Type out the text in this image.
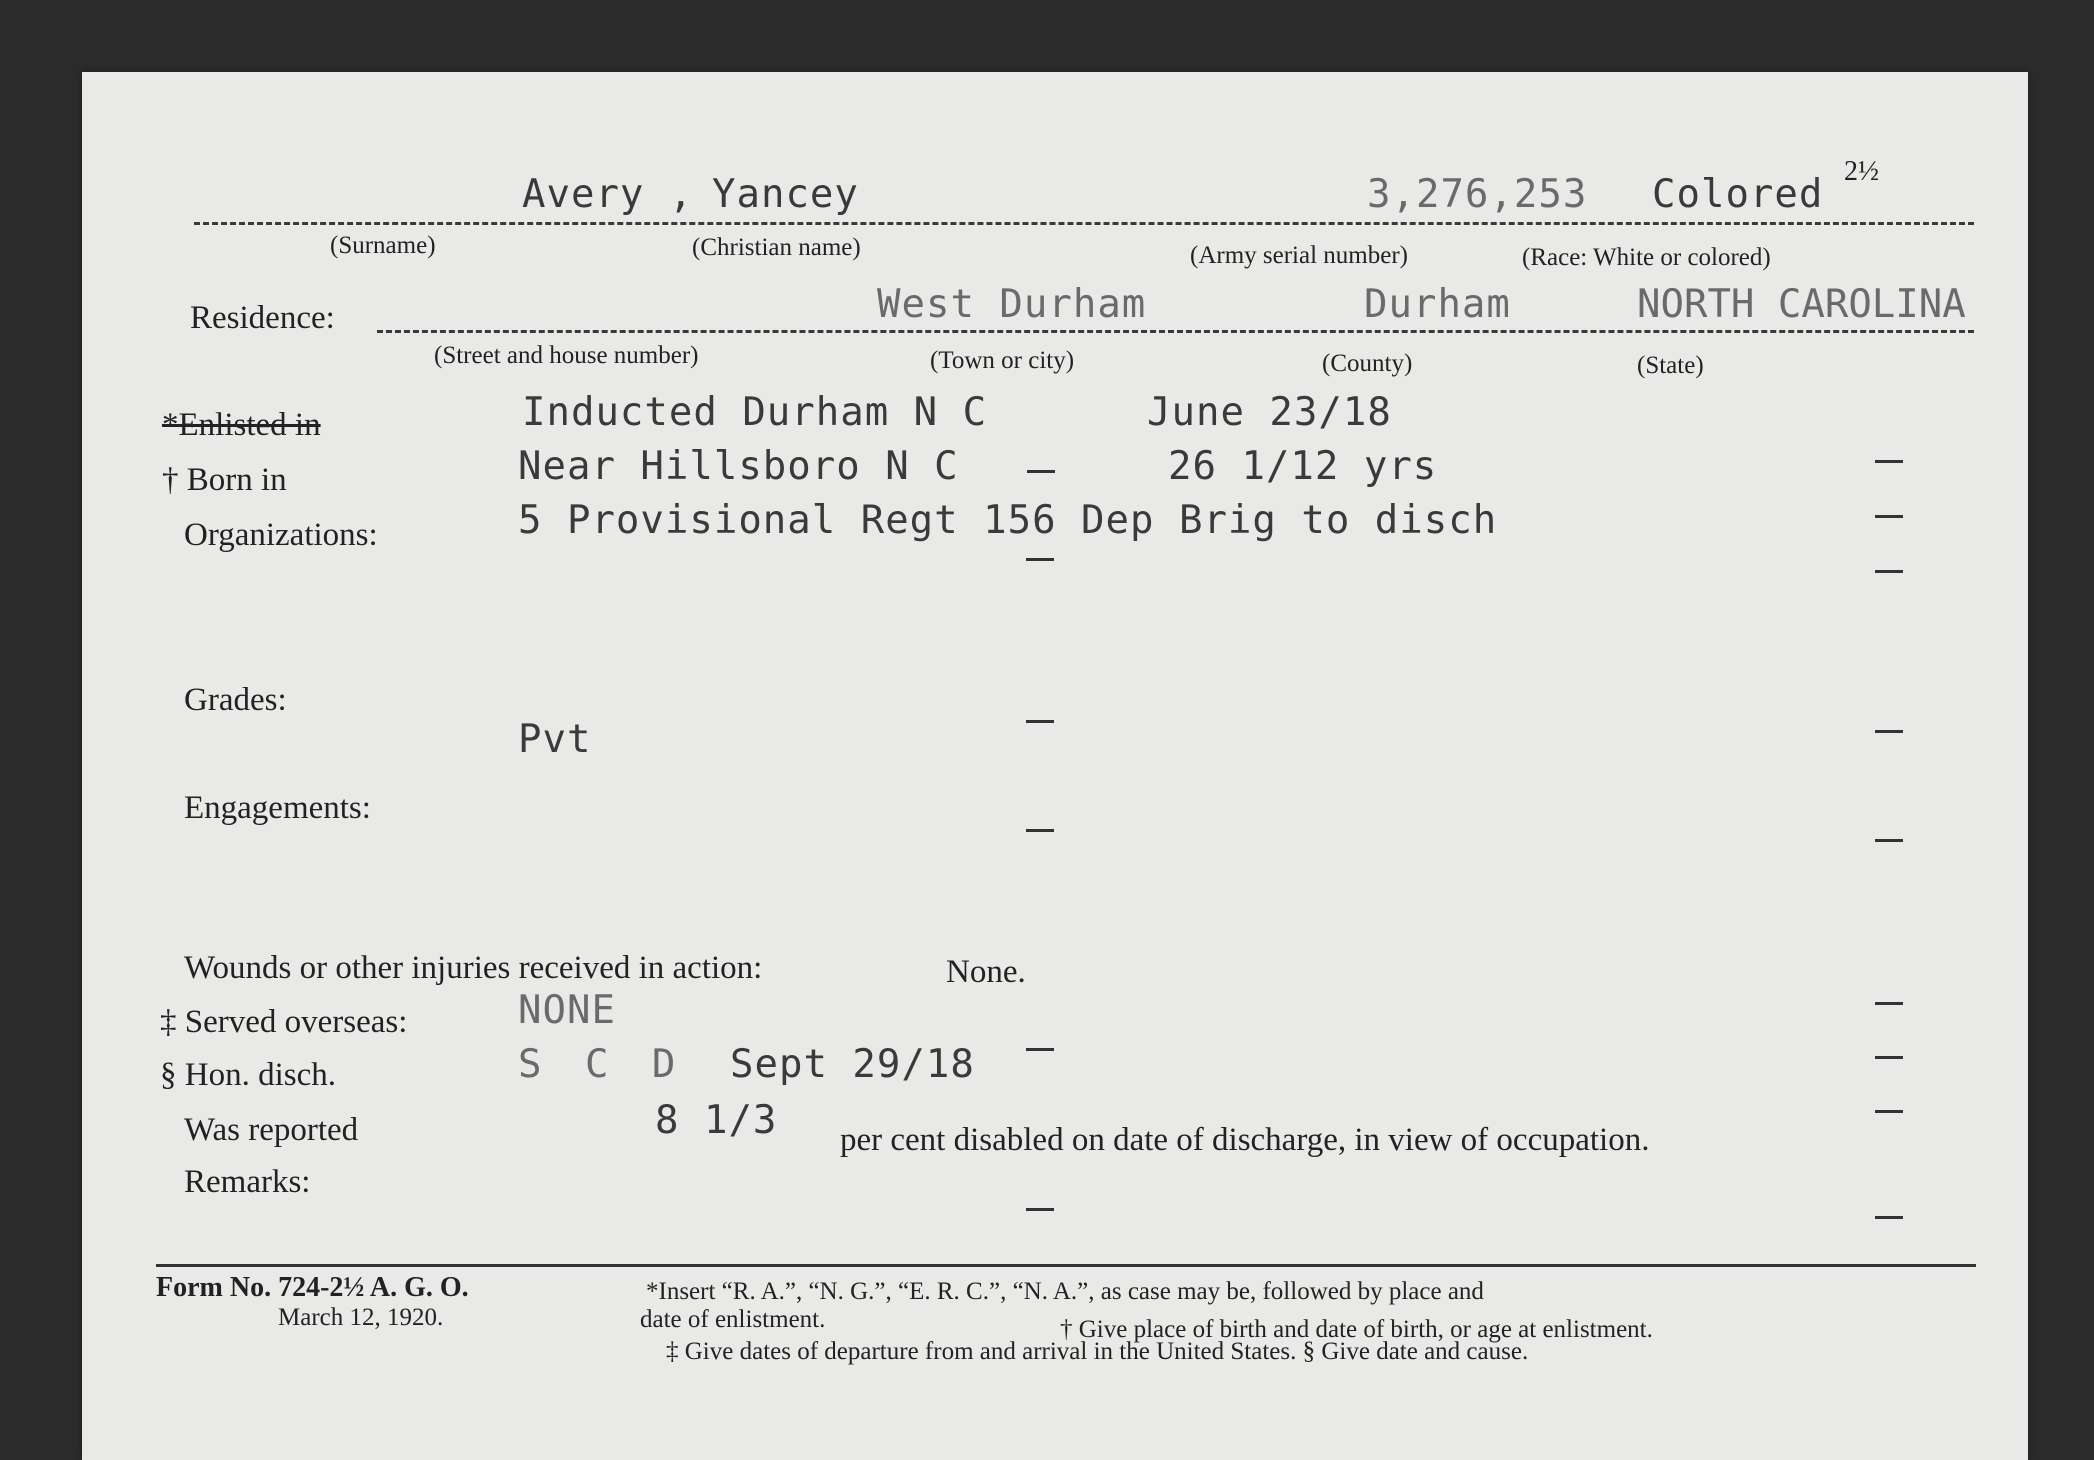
Avery , Yancey	3,276,253 Colored
2½
(Surname)	(Christian name)	(Army serial number)	(Race: White or colored)
Residence:	West Durham	Durham	NORTH CAROLINA
(Street and house number)	(Town or city)	(County)	(State)
*Enlisted in	Inducted Durham N C	June 23/18
† Born in	Near Hillsboro N C	26 1/12 yrs
Organizations:	5 Provisional Regt 156 Dep Brig to disch
Grades:
Pvt
Engagements:
Wounds or other injuries received in action:	None.
‡ Served overseas:	NONE
§ Hon. disch.	S C D Sept 29/18
Was reported	8 1/3 per cent disabled on date of discharge, in view of occupation.
Remarks:
Form No. 724-2½ A. G. O.
March 12, 1920.
*Insert “R. A.”, “N. G.”, “E. R. C.”, “N. A.”, as case may be, followed by place and
date of enlistment.	† Give place of birth and date of birth, or age at enlistment.
‡ Give dates of departure from and arrival in the United States. § Give date and cause.
